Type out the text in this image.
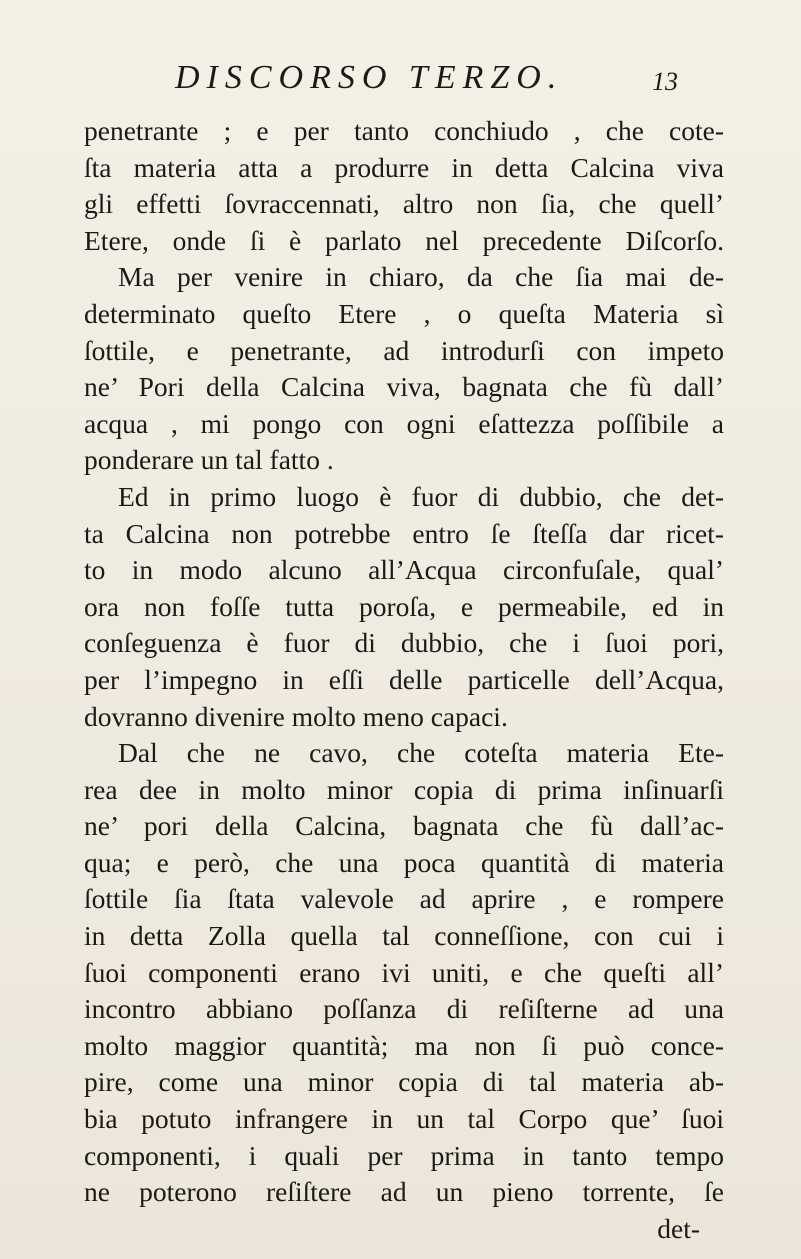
DISCORSO TERZO.	13
penetrante ; e per tanto conchiudo , che cote-
ſta materia atta a produrre in detta Calcina viva
gli effetti ſovraccennati, altro non ſia, che quell’
Etere, onde ſi è parlato nel precedente Diſcorſo.
Ma per venire in chiaro, da che ſia mai de-
determinato queſto Etere , o queſta Materia sì
ſottile, e penetrante, ad introdurſi con impeto
ne’ Pori della Calcina viva, bagnata che fù dall’
acqua , mi pongo con ogni eſattezza poſſibile a
ponderare un tal fatto .
Ed in primo luogo è fuor di dubbio, che det-
ta Calcina non potrebbe entro ſe ſteſſa dar ricet-
to in modo alcuno all’Acqua circonfuſale, qual’
ora non foſſe tutta poroſa, e permeabile, ed in
conſeguenza è fuor di dubbio, che i ſuoi pori,
per l’impegno in eſſi delle particelle dell’Acqua,
dovranno divenire molto meno capaci.
Dal che ne cavo, che coteſta materia Ete-
rea dee in molto minor copia di prima inſinuarſi
ne’ pori della Calcina, bagnata che fù dall’ac-
qua; e però, che una poca quantità di materia
ſottile ſia ſtata valevole ad aprire , e rompere
in detta Zolla quella tal conneſſione, con cui i
ſuoi componenti erano ivi uniti, e che queſti all’
incontro abbiano poſſanza di reſiſterne ad una
molto maggior quantità; ma non ſi può conce-
pire, come una minor copia di tal materia ab-
bia potuto infrangere in un tal Corpo que’ ſuoi
componenti, i quali per prima in tanto tempo
ne poterono reſiſtere ad un pieno torrente, ſe
det-
